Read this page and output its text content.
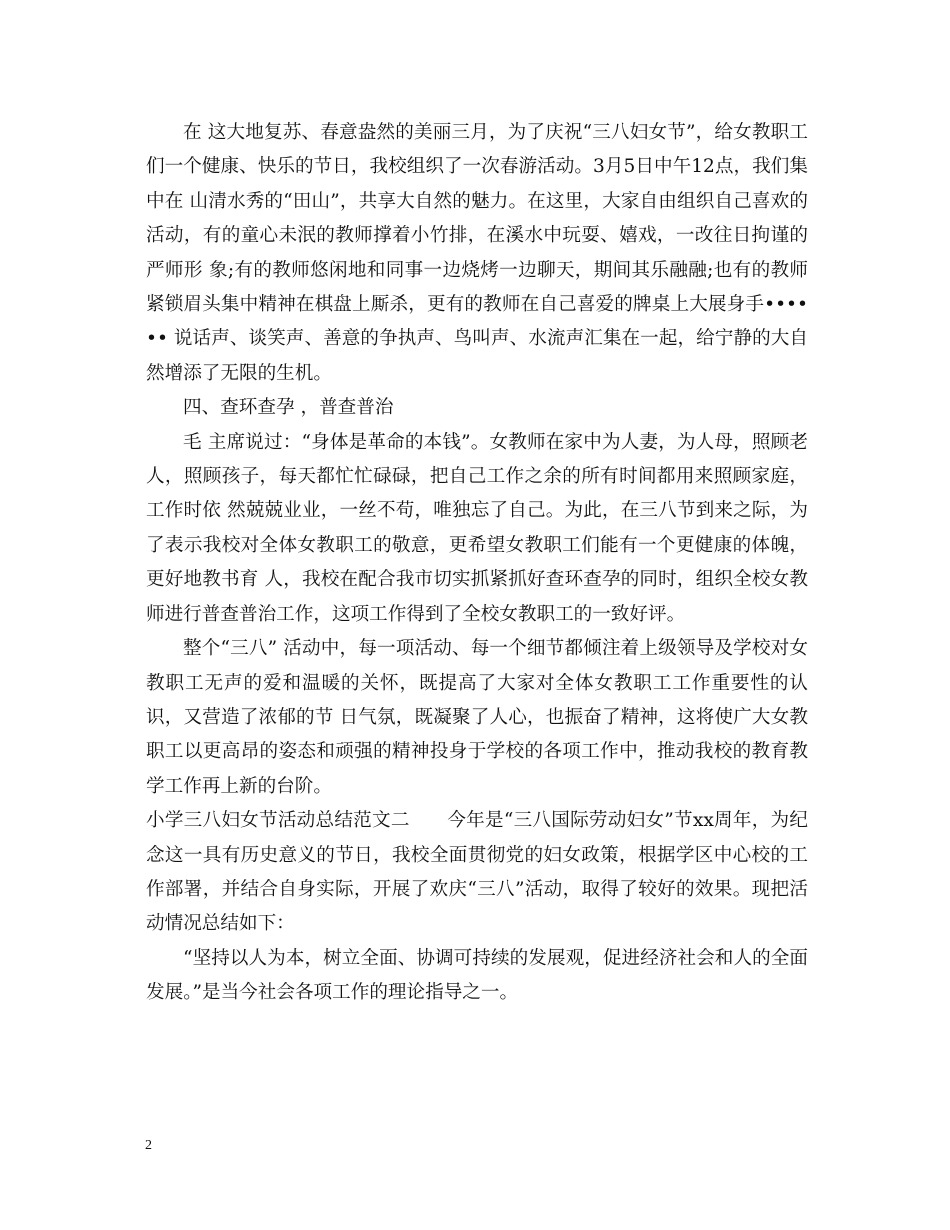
在 这大地复苏、春意盎然的美丽三月，为了庆祝“三八妇女节”，给女教职工们一个健康、快乐的节日，我校组织了一次春游活动。3月5日中午12点，我们集中在 山清水秀的“田山”，共享大自然的魅力。在这里，大家自由组织自己喜欢的活动，有的童心未泯的教师撑着小竹排，在溪水中玩耍、嬉戏，一改往日拘谨的严师形 象;有的教师悠闲地和同事一边烧烤一边聊天，期间其乐融融;也有的教师紧锁眉头集中精神在棋盘上厮杀，更有的教师在自己喜爱的牌桌上大展身手•••••• 说话声、谈笑声、善意的争执声、鸟叫声、水流声汇集在一起，给宁静的大自然增添了无限的生机。

四、查环查孕 ，普查普治

毛 主席说过：“身体是革命的本钱”。女教师在家中为人妻，为人母，照顾老人，照顾孩子，每天都忙忙碌碌，把自己工作之余的所有时间都用来照顾家庭，工作时依 然兢兢业业，一丝不苟，唯独忘了自己。为此，在三八节到来之际，为了表示我校对全体女教职工的敬意，更希望女教职工们能有一个更健康的体魄，更好地教书育 人，我校在配合我市切实抓紧抓好查环查孕的同时，组织全校女教师进行普查普治工作，这项工作得到了全校女教职工的一致好评。

整个“三八” 活动中，每一项活动、每一个细节都倾注着上级领导及学校对女教职工无声的爱和温暖的关怀，既提高了大家对全体女教职工工作重要性的认识，又营造了浓郁的节 日气氛，既凝聚了人心，也振奋了精神，这将使广大女教职工以更高昂的姿态和顽强的精神投身于学校的各项工作中，推动我校的教育教学工作再上新的台阶。

小学三八妇女节活动总结范文二　　今年是“三八国际劳动妇女”节xx周年，为纪念这一具有历史意义的节日，我校全面贯彻党的妇女政策，根据学区中心校的工作部署，并结合自身实际，开展了欢庆“三八”活动，取得了较好的效果。现把活动情况总结如下：

“坚持以人为本，树立全面、协调可持续的发展观，促进经济社会和人的全面发展。”是当今社会各项工作的理论指导之一。

2
